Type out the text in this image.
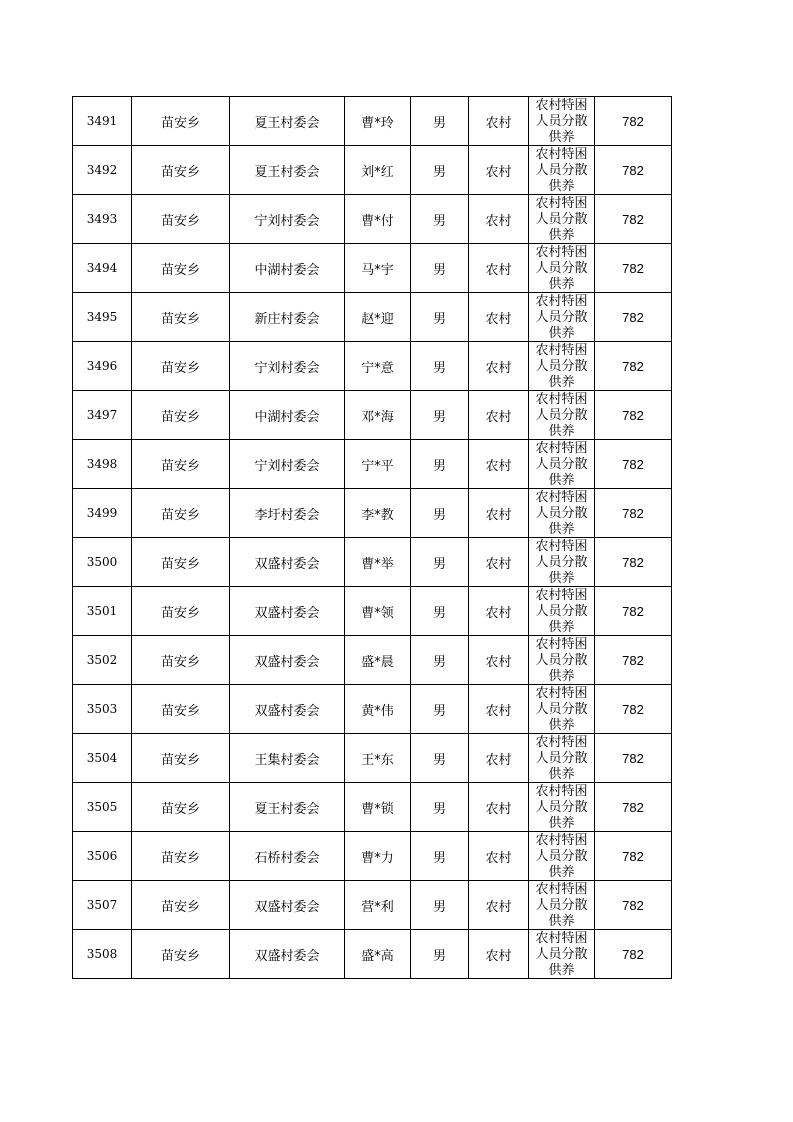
3491	苗安乡	夏王村委会	曹*玲	男	农村	农村特困人员分散供养	782
3492	苗安乡	夏王村委会	刘*红	男	农村	农村特困人员分散供养	782
3493	苗安乡	宁刘村委会	曹*付	男	农村	农村特困人员分散供养	782
3494	苗安乡	中湖村委会	马*宇	男	农村	农村特困人员分散供养	782
3495	苗安乡	新庄村委会	赵*迎	男	农村	农村特困人员分散供养	782
3496	苗安乡	宁刘村委会	宁*意	男	农村	农村特困人员分散供养	782
3497	苗安乡	中湖村委会	邓*海	男	农村	农村特困人员分散供养	782
3498	苗安乡	宁刘村委会	宁*平	男	农村	农村特困人员分散供养	782
3499	苗安乡	李圩村委会	李*教	男	农村	农村特困人员分散供养	782
3500	苗安乡	双盛村委会	曹*举	男	农村	农村特困人员分散供养	782
3501	苗安乡	双盛村委会	曹*领	男	农村	农村特困人员分散供养	782
3502	苗安乡	双盛村委会	盛*晨	男	农村	农村特困人员分散供养	782
3503	苗安乡	双盛村委会	黄*伟	男	农村	农村特困人员分散供养	782
3504	苗安乡	王集村委会	王*东	男	农村	农村特困人员分散供养	782
3505	苗安乡	夏王村委会	曹*锁	男	农村	农村特困人员分散供养	782
3506	苗安乡	石桥村委会	曹*力	男	农村	农村特困人员分散供养	782
3507	苗安乡	双盛村委会	营*利	男	农村	农村特困人员分散供养	782
3508	苗安乡	双盛村委会	盛*高	男	农村	农村特困人员分散供养	782
